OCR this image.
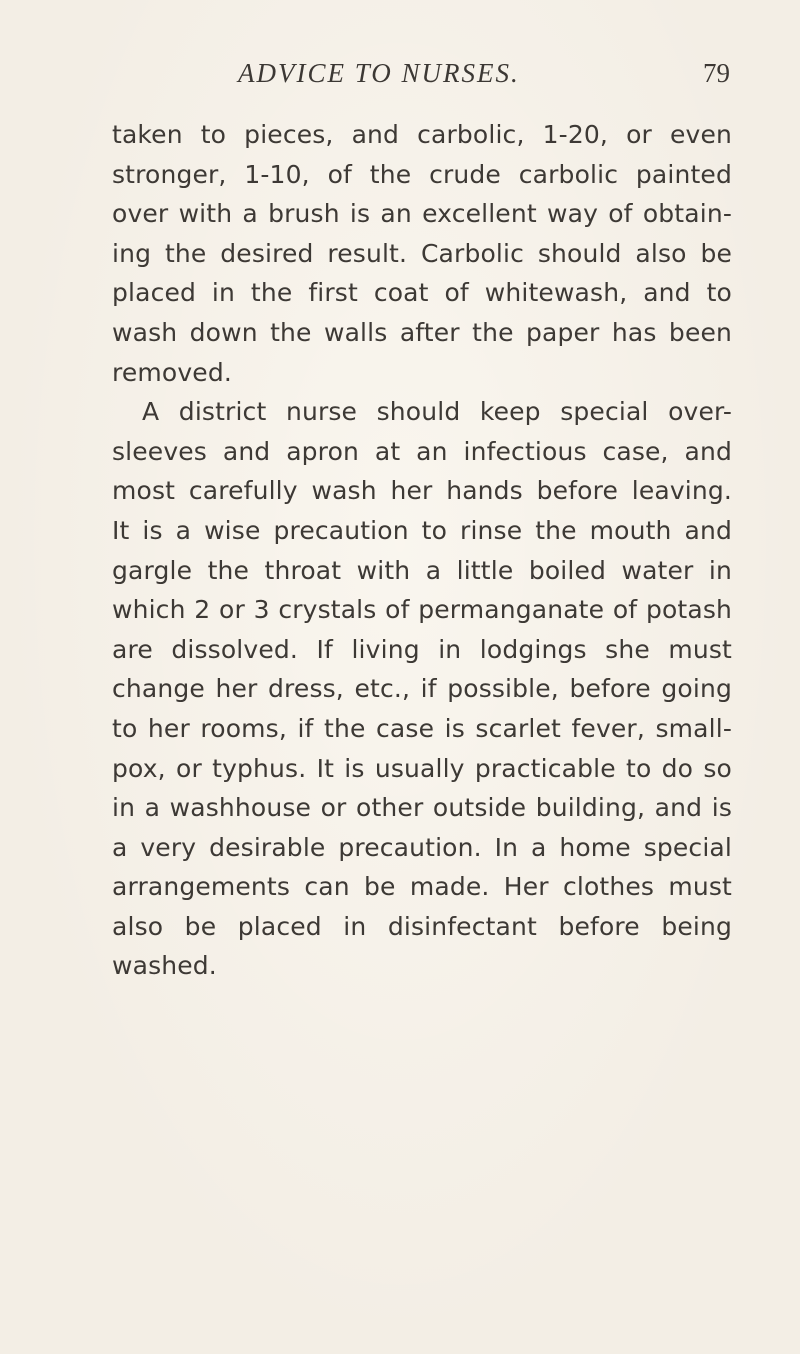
ADVICE TO NURSES.	79
taken to pieces, and carbolic, 1-20, or even
stronger, 1-10, of the crude carbolic painted
over with a brush is an excellent way of obtain-
ing the desired result. Carbolic should also be
placed in the first coat of whitewash, and to
wash down the walls after the paper has been
removed.
A district nurse should keep special over-
sleeves and apron at an infectious case, and
most carefully wash her hands before leaving.
It is a wise precaution to rinse the mouth and
gargle the throat with a little boiled water in
which 2 or 3 crystals of permanganate of potash
are dissolved. If living in lodgings she must
change her dress, etc., if possible, before going
to her rooms, if the case is scarlet fever, small-
pox, or typhus. It is usually practicable to do so
in a washhouse or other outside building, and is
a very desirable precaution. In a home special
arrangements can be made. Her clothes must
also be placed in disinfectant before being
washed.
